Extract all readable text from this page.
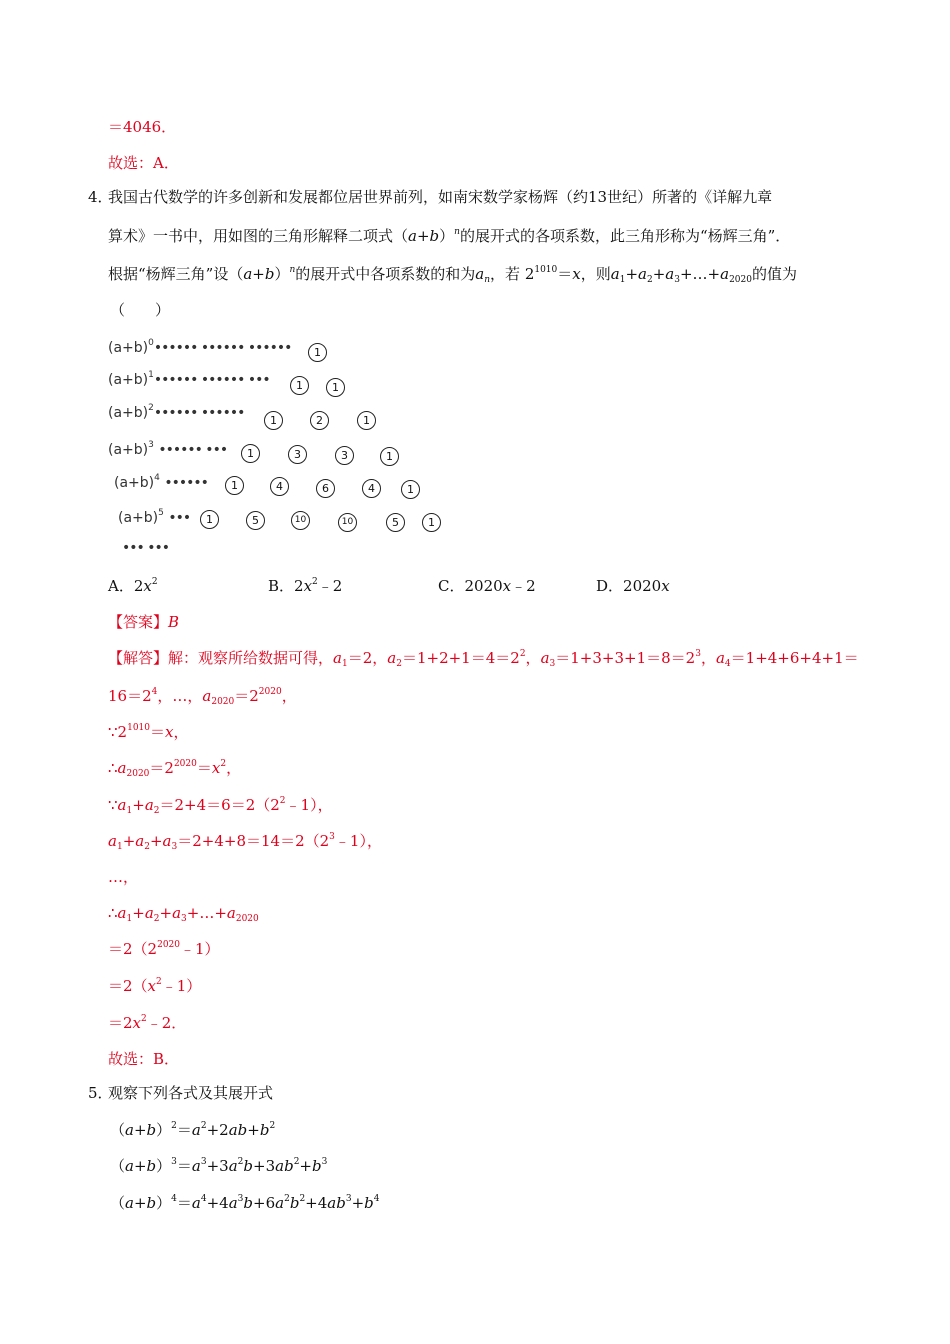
＝4046．
故选：A．
4．
我国古代数学的许多创新和发展都位居世界前列，如南宋数学家杨辉（约13世纪）所著的《详解九章
算术》一书中，用如图的三角形解释二项式$(a+b)^n$的展开式的各项系数，此三角形称为“杨辉三角”．
根据“杨辉三角”设$(a+b)^n$的展开式中各项系数的和为$a_n$，若 $2^{1010}=x$，则$a_1+a_2+a_3+\dots+a_{2020}$的值为
（　　）
$(a+b)^0••••••$ •••••• ••••••
$(a+b)^1••••••$ •••••• •••
$(a+b)^2••••••$ ••••••
$(a+b)^3$ •••••• •••
$(a+b)^4$ ••••••
$(a+b)^5$ •••
••• •••
1
1	1
1	2	1
1	3	3	1
1	4	6	4	1
1	5	10	10	5	1
A．$2x^2$	B．$2x^2﹣2$	C．2020x﹣2	D．2020x
【答案】B
【解答】解：观察所给数据可得，$a_1=2$，$a_2=1+2+1=4=2^2$，$a_3=1+3+3+1=8=2^3$，$a_4=1+4+6+4+1=$
$16=2^4$，…，$a_{2020}=2^{2020}$，
$\because 2^{1010}=x$，
$\therefore a_{2020}=2^{2020}=x^2$，
$\because a_1+a_2=2+4=6=2(2^2﹣1)$，
$a_1+a_2+a_3=2+4+8=14=2(2^3﹣1)$，
…，
$\therefore a_1+a_2+a_3+\dots+a_{2020}$
$=2(2^{2020}﹣1)$
$=2(x^2﹣1)$
$=2x^2﹣2$．
故选：B．
5．
观察下列各式及其展开式
$(a+b)^2=a^2+2ab+b^2$
$(a+b)^3=a^3+3a^2b+3ab^2+b^3$
$(a+b)^4=a^4+4a^3b+6a^2b^2+4ab^3+b^4$
